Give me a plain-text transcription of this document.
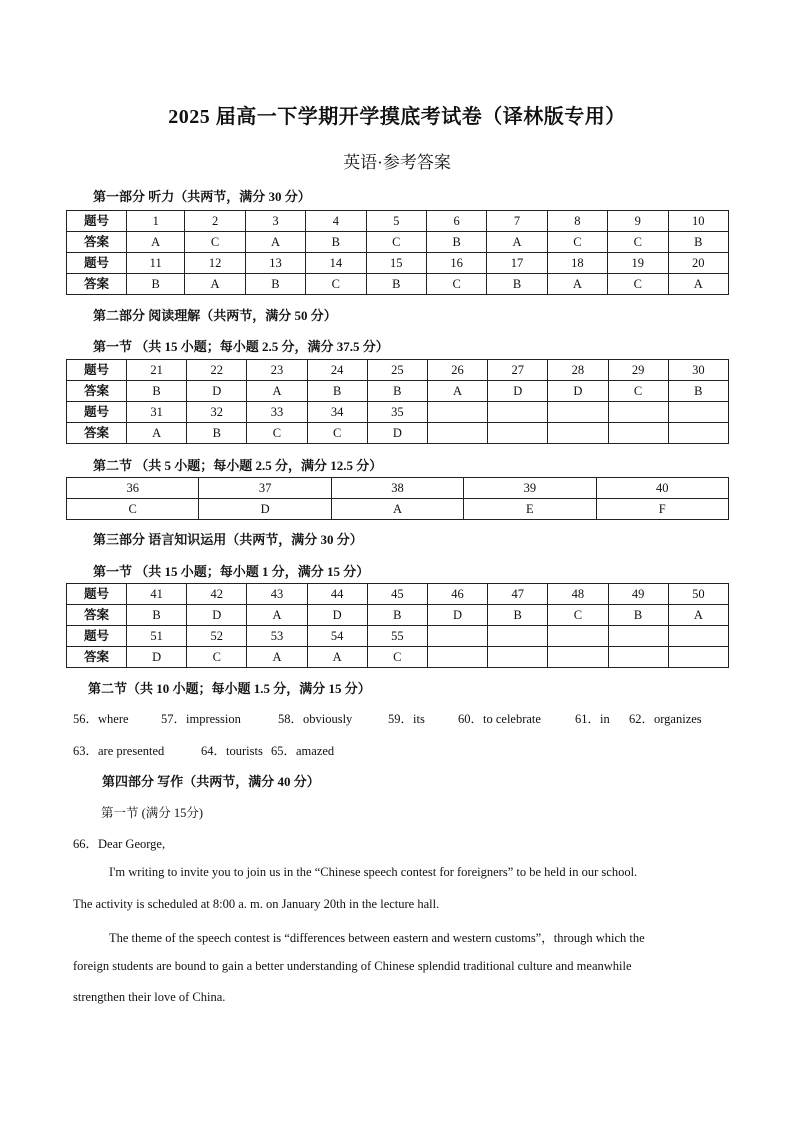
2025 届高一下学期开学摸底考试卷（译林版专用）
英语·参考答案
第一部分 听力（共两节，满分 30 分）
题号	1	2	3	4	5	6	7	8	9	10
答案	A	C	A	B	C	B	A	C	C	B
题号	11	12	13	14	15	16	17	18	19	20
答案	B	A	B	C	B	C	B	A	C	A
第二部分 阅读理解（共两节，满分 50 分）
第一节 （共 15 小题；每小题 2.5 分，满分 37.5 分）
题号	21	22	23	24	25	26	27	28	29	30
答案	B	D	A	B	B	A	D	D	C	B
题号	31	32	33	34	35					
答案	A	B	C	C	D					
第二节 （共 5 小题；每小题 2.5 分，满分 12.5 分）
36	37	38	39	40
C	D	A	E	F
第三部分 语言知识运用（共两节，满分 30 分）
第一节 （共 15 小题；每小题 1 分，满分 15 分）
题号	41	42	43	44	45	46	47	48	49	50
答案	B	D	A	D	B	D	B	C	B	A
题号	51	52	53	54	55					
答案	D	C	A	A	C					
第二节（共 10 小题；每小题 1.5 分，满分 15 分）
56．where	57．impression	58．obviously	59．its	60．to celebrate	61．in 62．organizes
63．are presented	64．tourists 65．amazed
第四部分 写作（共两节，满分 40 分）
第一节 (满分 15分)
66．Dear George,
I'm writing to invite you to join us in the “Chinese speech contest for foreigners” to be held in our school.
The activity is scheduled at 8:00 a. m. on January 20th in the lecture hall.
The theme of the speech contest is “differences between eastern and western customs”，through which the
foreign students are bound to gain a better understanding of Chinese splendid traditional culture and meanwhile
strengthen their love of China.
